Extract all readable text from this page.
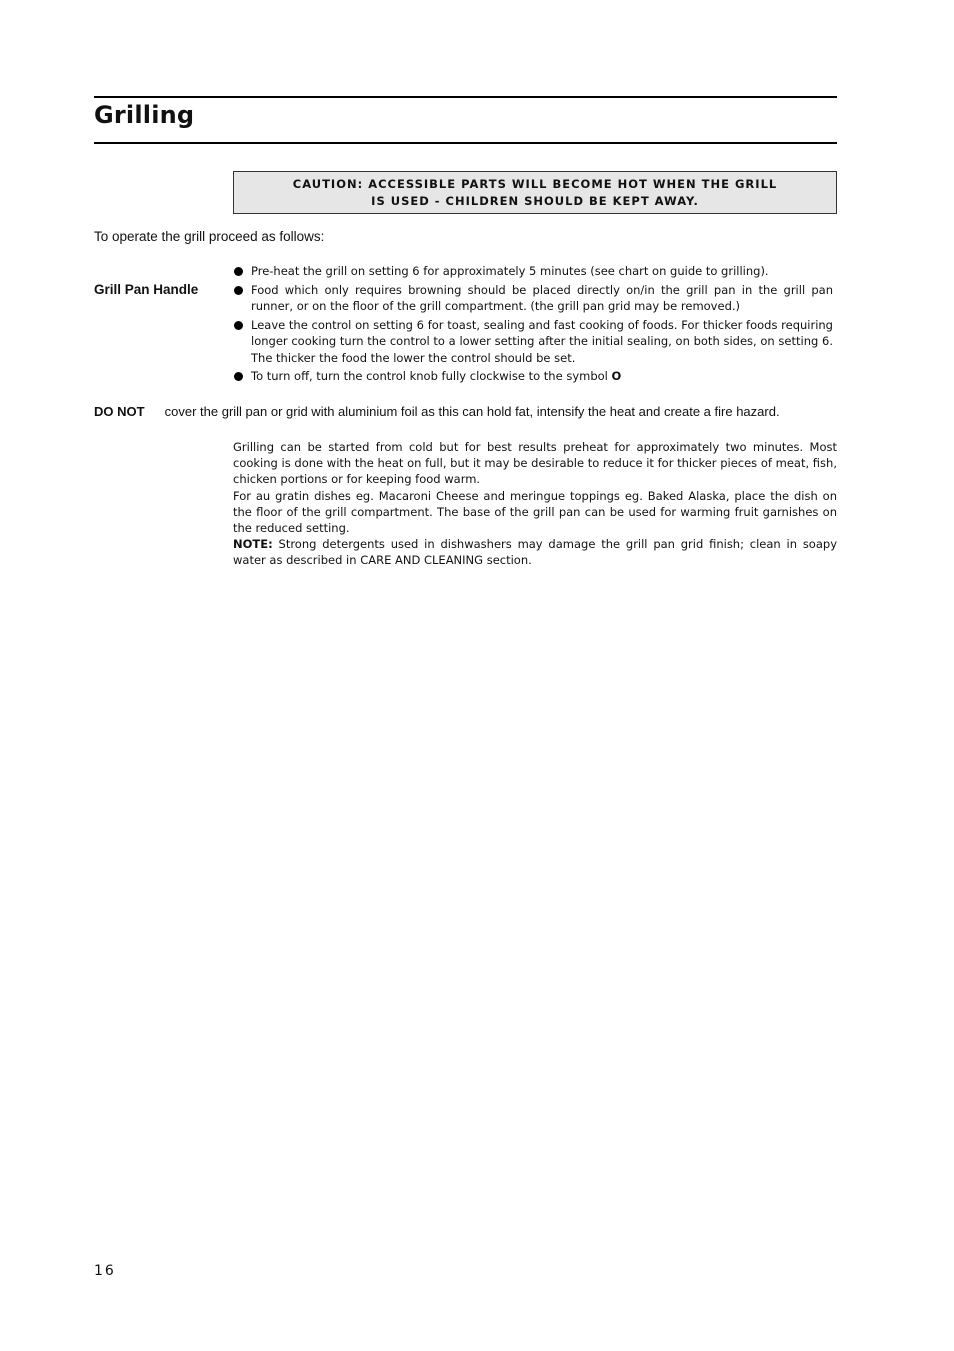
Grilling
CAUTION: ACCESSIBLE PARTS WILL BECOME HOT WHEN THE GRILL
IS USED - CHILDREN SHOULD BE KEPT AWAY.

To operate the grill proceed as follows:

Grill Pan Handle
Pre-heat the grill on setting 6 for approximately 5 minutes (see chart on guide to grilling).
Food which only requires browning should be placed directly on/in the grill pan in the grill pan runner, or on the floor of the grill compartment. (the grill pan grid may be removed.)
Leave the control on setting 6 for toast, sealing and fast cooking of foods. For thicker foods requiring longer cooking turn the control to a lower setting after the initial sealing, on both sides, on setting 6. The thicker the food the lower the control should be set.
To turn off, turn the control knob fully clockwise to the symbol O
DO NOT cover the grill pan or grid with aluminium foil as this can hold fat, intensify the heat and create a fire hazard.

Grilling can be started from cold but for best results preheat for approximately two minutes. Most cooking is done with the heat on full, but it may be desirable to reduce it for thicker pieces of meat, fish, chicken portions or for keeping food warm.

For au gratin dishes eg. Macaroni Cheese and meringue toppings eg. Baked Alaska, place the dish on the floor of the grill compartment. The base of the grill pan can be used for warming fruit garnishes on the reduced setting.

NOTE: Strong detergents used in dishwashers may damage the grill pan grid finish; clean in soapy water as described in CARE AND CLEANING section.

16
